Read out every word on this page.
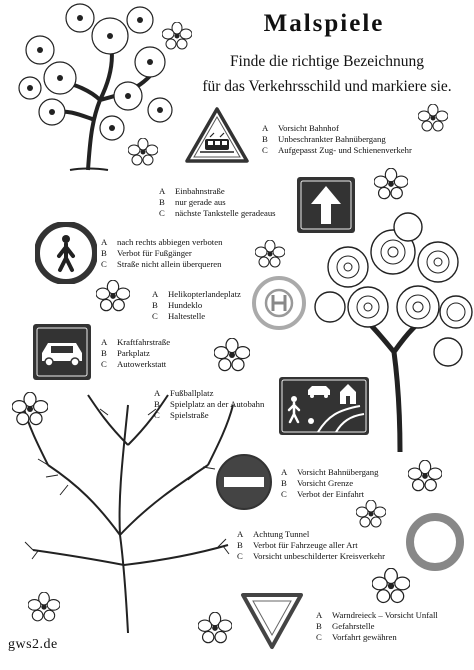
Malspiele
Finde die richtige Bezeichnung
für das Verkehrsschild und markiere sie.
A	Vorsicht Bahnhof
B	Unbeschrankter Bahnübergang
C	Aufgepasst Zug- und Schienenverkehr
A	Einbahnstraße
B	nur gerade aus
C	nächste Tankstelle geradeaus
A	nach rechts abbiegen verboten
B	Verbot für Fußgänger
C	Straße nicht allein überqueren
A	Helikopterlandeplatz
B	Hundeklo
C	Haltestelle
A	Kraftfahrstraße
B	Parkplatz
C	Autowerkstatt
A	Fußballplatz
B	Spielplatz an der Autobahn
C	Spielstraße
A	Vorsicht Bahnübergang
B	Vorsicht Grenze
C	Verbot der Einfahrt
A	Achtung Tunnel
B	Verbot für Fahrzeuge aller Art
C	Vorsicht unbeschilderter Kreisverkehr
A	Warndreieck – Vorsicht Unfall
B	Gefahrstelle
C	Vorfahrt gewähren
gws2.de
